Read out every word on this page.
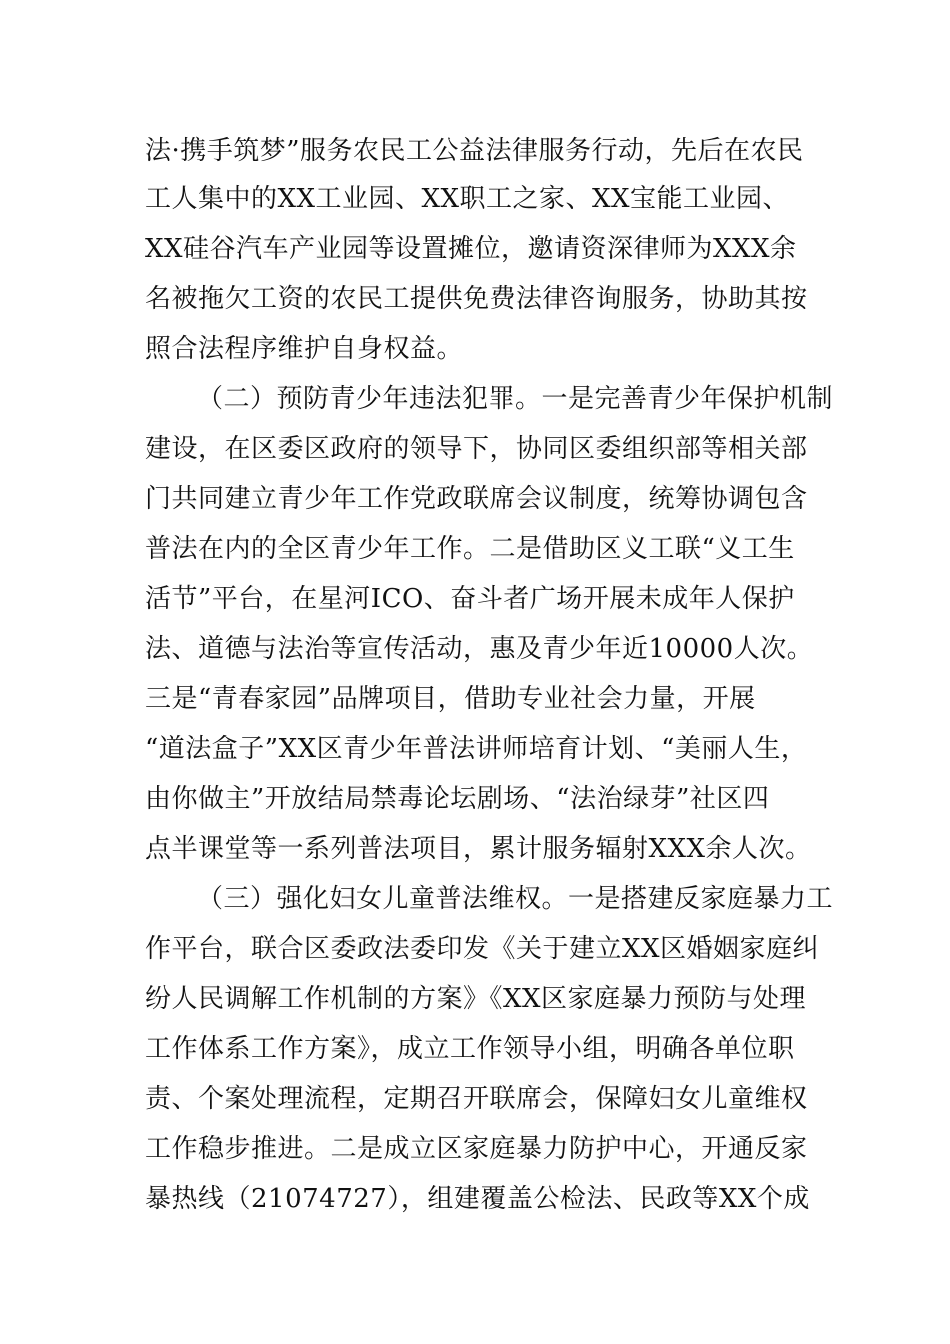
法·携手筑梦”服务农民工公益法律服务行动，先后在农民
工人集中的XX工业园、XX职工之家、XX宝能工业园、
XX硅谷汽车产业园等设置摊位，邀请资深律师为XXX余
名被拖欠工资的农民工提供免费法律咨询服务，协助其按
照合法程序维护自身权益。
（二）预防青少年违法犯罪。一是完善青少年保护机制
建设，在区委区政府的领导下，协同区委组织部等相关部
门共同建立青少年工作党政联席会议制度，统筹协调包含
普法在内的全区青少年工作。二是借助区义工联“义工生
活节”平台，在星河ICO、奋斗者广场开展未成年人保护
法、道德与法治等宣传活动，惠及青少年近10000人次。
三是“青春家园”品牌项目，借助专业社会力量，开展
“道法盒子”XX区青少年普法讲师培育计划、“美丽人生，
由你做主”开放结局禁毒论坛剧场、“法治绿芽”社区四
点半课堂等一系列普法项目，累计服务辐射XXX余人次。
（三）强化妇女儿童普法维权。一是搭建反家庭暴力工
作平台，联合区委政法委印发《关于建立XX区婚姻家庭纠
纷人民调解工作机制的方案》《XX区家庭暴力预防与处理
工作体系工作方案》，成立工作领导小组，明确各单位职
责、个案处理流程，定期召开联席会，保障妇女儿童维权
工作稳步推进。二是成立区家庭暴力防护中心，开通反家
暴热线（21074727），组建覆盖公检法、民政等XX个成
